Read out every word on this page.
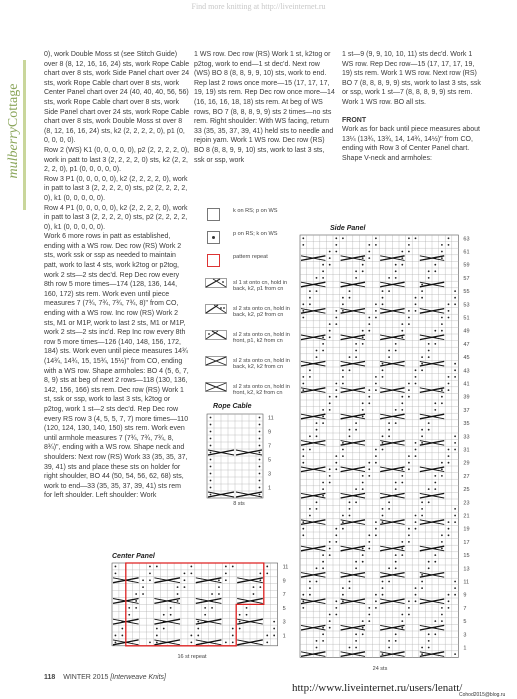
Find more knitting at http://liveinternet.ru
mulberryCottage

0), work Double Moss st (see Stitch Guide) over 8 (8, 12, 16, 16, 24) sts, work Rope Cable chart over 8 sts, work Side Panel chart over 24 sts, work Rope Cable chart over 8 sts, work Center Panel chart over 24 (40, 40, 40, 56, 56) sts, work Rope Cable chart over 8 sts, work Side Panel chart over 24 sts, work Rope Cable chart over 8 sts, work Double Moss st over 8 (8, 12, 16, 16, 24) sts, k2 (2, 2, 2, 2, 0), p1 (0, 0, 0, 0, 0).

Row 2 (WS) K1 (0, 0, 0, 0, 0), p2 (2, 2, 2, 2, 0), work in patt to last 3 (2, 2, 2, 2, 0) sts, k2 (2, 2, 2, 2, 0), p1 (0, 0, 0, 0, 0).

Row 3 P1 (0, 0, 0, 0, 0), k2 (2, 2, 2, 2, 0), work in patt to last 3 (2, 2, 2, 2, 0) sts, p2 (2, 2, 2, 2, 0), k1 (0, 0, 0, 0, 0).

Row 4 P1 (0, 0, 0, 0, 0), k2 (2, 2, 2, 2, 0), work in patt to last 3 (2, 2, 2, 2, 0) sts, p2 (2, 2, 2, 2, 0), k1 (0, 0, 0, 0, 0).

Work 6 more rows in patt as established, ending with a WS row. Dec row (RS) Work 2 sts, work ssk or ssp as needed to maintain patt, work to last 4 sts, work k2tog or p2tog, work 2 sts—2 sts dec'd. Rep Dec row every 8th row 5 more times—174 (128, 136, 144, 160, 172) sts rem. Work even until piece measures 7 (7¾, 7¾, 7¾, 7¾, 8)" from CO, ending with a WS row. Inc row (RS) Work 2 sts, M1 or M1P, work to last 2 sts, M1 or M1P, work 2 sts—2 sts inc'd. Rep Inc row every 8th row 5 more times—126 (140, 148, 156, 172, 184) sts. Work even until piece measures 14¾ (14¾, 14¾, 15, 15¾, 15½)" from CO, ending with a WS row. Shape armholes: BO 4 (5, 6, 7, 8, 9) sts at beg of next 2 rows—118 (130, 136, 142, 156, 166) sts rem. Dec row (RS) Work 1 st, ssk or ssp, work to last 3 sts, k2tog or p2tog, work 1 st—2 sts dec'd. Rep Dec row every RS row 3 (4, 5, 5, 7, 7) more times—110 (120, 124, 130, 140, 150) sts rem. Work even until armhole measures 7 (7¾, 7¾, 7¾, 8, 8¾)", ending with a WS row. Shape neck and shoulders: Next row (RS) Work 33 (35, 35, 37, 39, 41) sts and place these sts on holder for right shoulder, BO 44 (50, 54, 56, 62, 68) sts, work to end—33 (35, 35, 37, 39, 41) sts rem for left shoulder. Left shoulder: Work

1 WS row. Dec row (RS) Work 1 st, k2tog or p2tog, work to end—1 st dec'd. Next row (WS) BO 8 (8, 8, 9, 9, 10) sts, work to end. Rep last 2 rows once more—15 (17, 17, 17, 19, 19) sts rem. Rep Dec row once more—14 (16, 16, 16, 18, 18) sts rem. At beg of WS rows, BO 7 (8, 8, 8, 9, 9) sts 2 times—no sts rem. Right shoulder: With WS facing, return 33 (35, 35, 37, 39, 41) held sts to needle and rejoin yarn. Work 1 WS row. Dec row (RS) BO 8 (8, 8, 9, 9, 10) sts, work to last 3 sts, ssk or ssp, work

1 st—9 (9, 9, 10, 10, 11) sts dec'd. Work 1 WS row. Rep Dec row—15 (17, 17, 17, 19, 19) sts rem. Work 1 WS row. Next row (RS) BO 7 (8, 8, 8, 9, 9) sts, work to last 3 sts, ssk or ssp, work 1 st—7 (8, 8, 8, 9, 9) sts rem. Work 1 WS row. BO all sts.

FRONT

Work as for back until piece measures about 13¼ (13¾, 13¾, 14, 14¾, 14½)" from CO, ending with Row 3 of Center Panel chart. Shape V-neck and armholes:

k on RS; p on WS
p on RS; k on WS
pattern repeat
sl 1 st onto cn, hold in back, k2, p1 from cn
sl 2 sts onto cn, hold in back, k2, p2 from cn
sl 2 sts onto cn, hold in front, p1, k2 from cn
sl 2 sts onto cn, hold in back, k2, k2 from cn
sl 2 sts onto cn, hold in front, k2, k2 from cn
Side Panel
63
61
59
57
55
53
51
49
47
45
43
41
39
37
35
33
31
29
27
25
23
21
19
17
15
13
11
9
7
5
3
1
24 sts
Rope Cable
11
9
7
5
3
1
8 sts
Center Panel
11
9
7
5
3
1
16 st repeat
118 WINTER 2015 [Interweave Knits]
http://www.liveinternet.ru/users/lenatt/
Cohod2015@blog.ru
